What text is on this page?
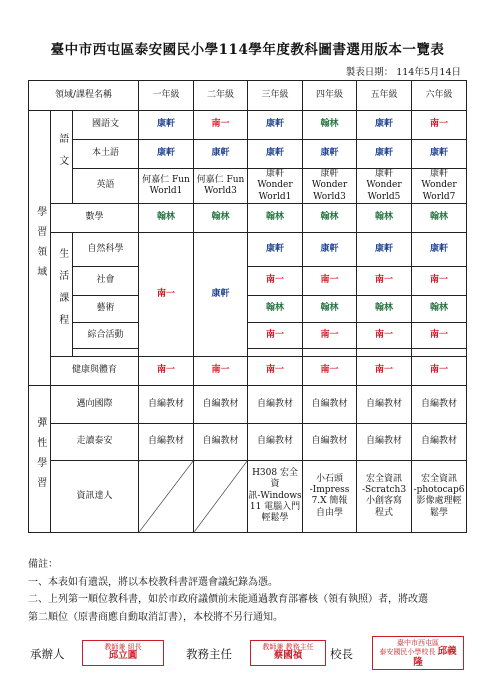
臺中市西屯區泰安國民小學114學年度教科圖書選用版本一覽表
製表日期： 114年5月14日
領域/課程名稱			一年級	二年級	三年級	四年級	五年級	六年級
學習領域	語文	國語文	康軒	南一	康軒	翰林	康軒	南一
		本土語	康軒	康軒	康軒	康軒	康軒	康軒
		英語	何嘉仁 Fun
World1	何嘉仁 Fun
World3	康軒 Wonder
World1	康軒 Wonder
World3	康軒 Wonder
World5	康軒 Wonder
World7
	數學		翰林	翰林	翰林	翰林	翰林	翰林
	生活課程	自然科學	南一	康軒	康軒	康軒	康軒	康軒
		社會			南一	南一	南一	南一
		藝術			翰林	翰林	翰林	翰林
		綜合活動			南一	南一	南一	南一

	健康與體育		南一	南一	南一	南一	南一	南一
彈性學習	邁向國際		自編教材	自編教材	自編教材	自編教材	自編教材	自編教材
	走讀泰安		自編教材	自編教材	自編教材	自編教材	自編教材	自編教材
	資訊達人				H308 宏全資
訊-Windows
11 電腦入門
輕鬆學	小石頭
-Impress
7.X 簡報
自由學	宏全資訊
-Scratch3
小創客寫
程式	宏全資訊
-photocap6
影像處理輕
鬆學

備註：

一、本表如有遺誤，將以本校教科書評選會議紀錄為憑。

二、上列第一順位教科書，如於市政府議價前未能通過教育部審核（領有執照）者，將改選

第二順位（原書商應自動取消訂書），本校將不另行通知。

承辦人	教師兼 組長
邱立圓	教務主任	教師兼 教務主任
蔡國禎	校長
臺中市西屯區
泰安國民小學校長 邱義隆
